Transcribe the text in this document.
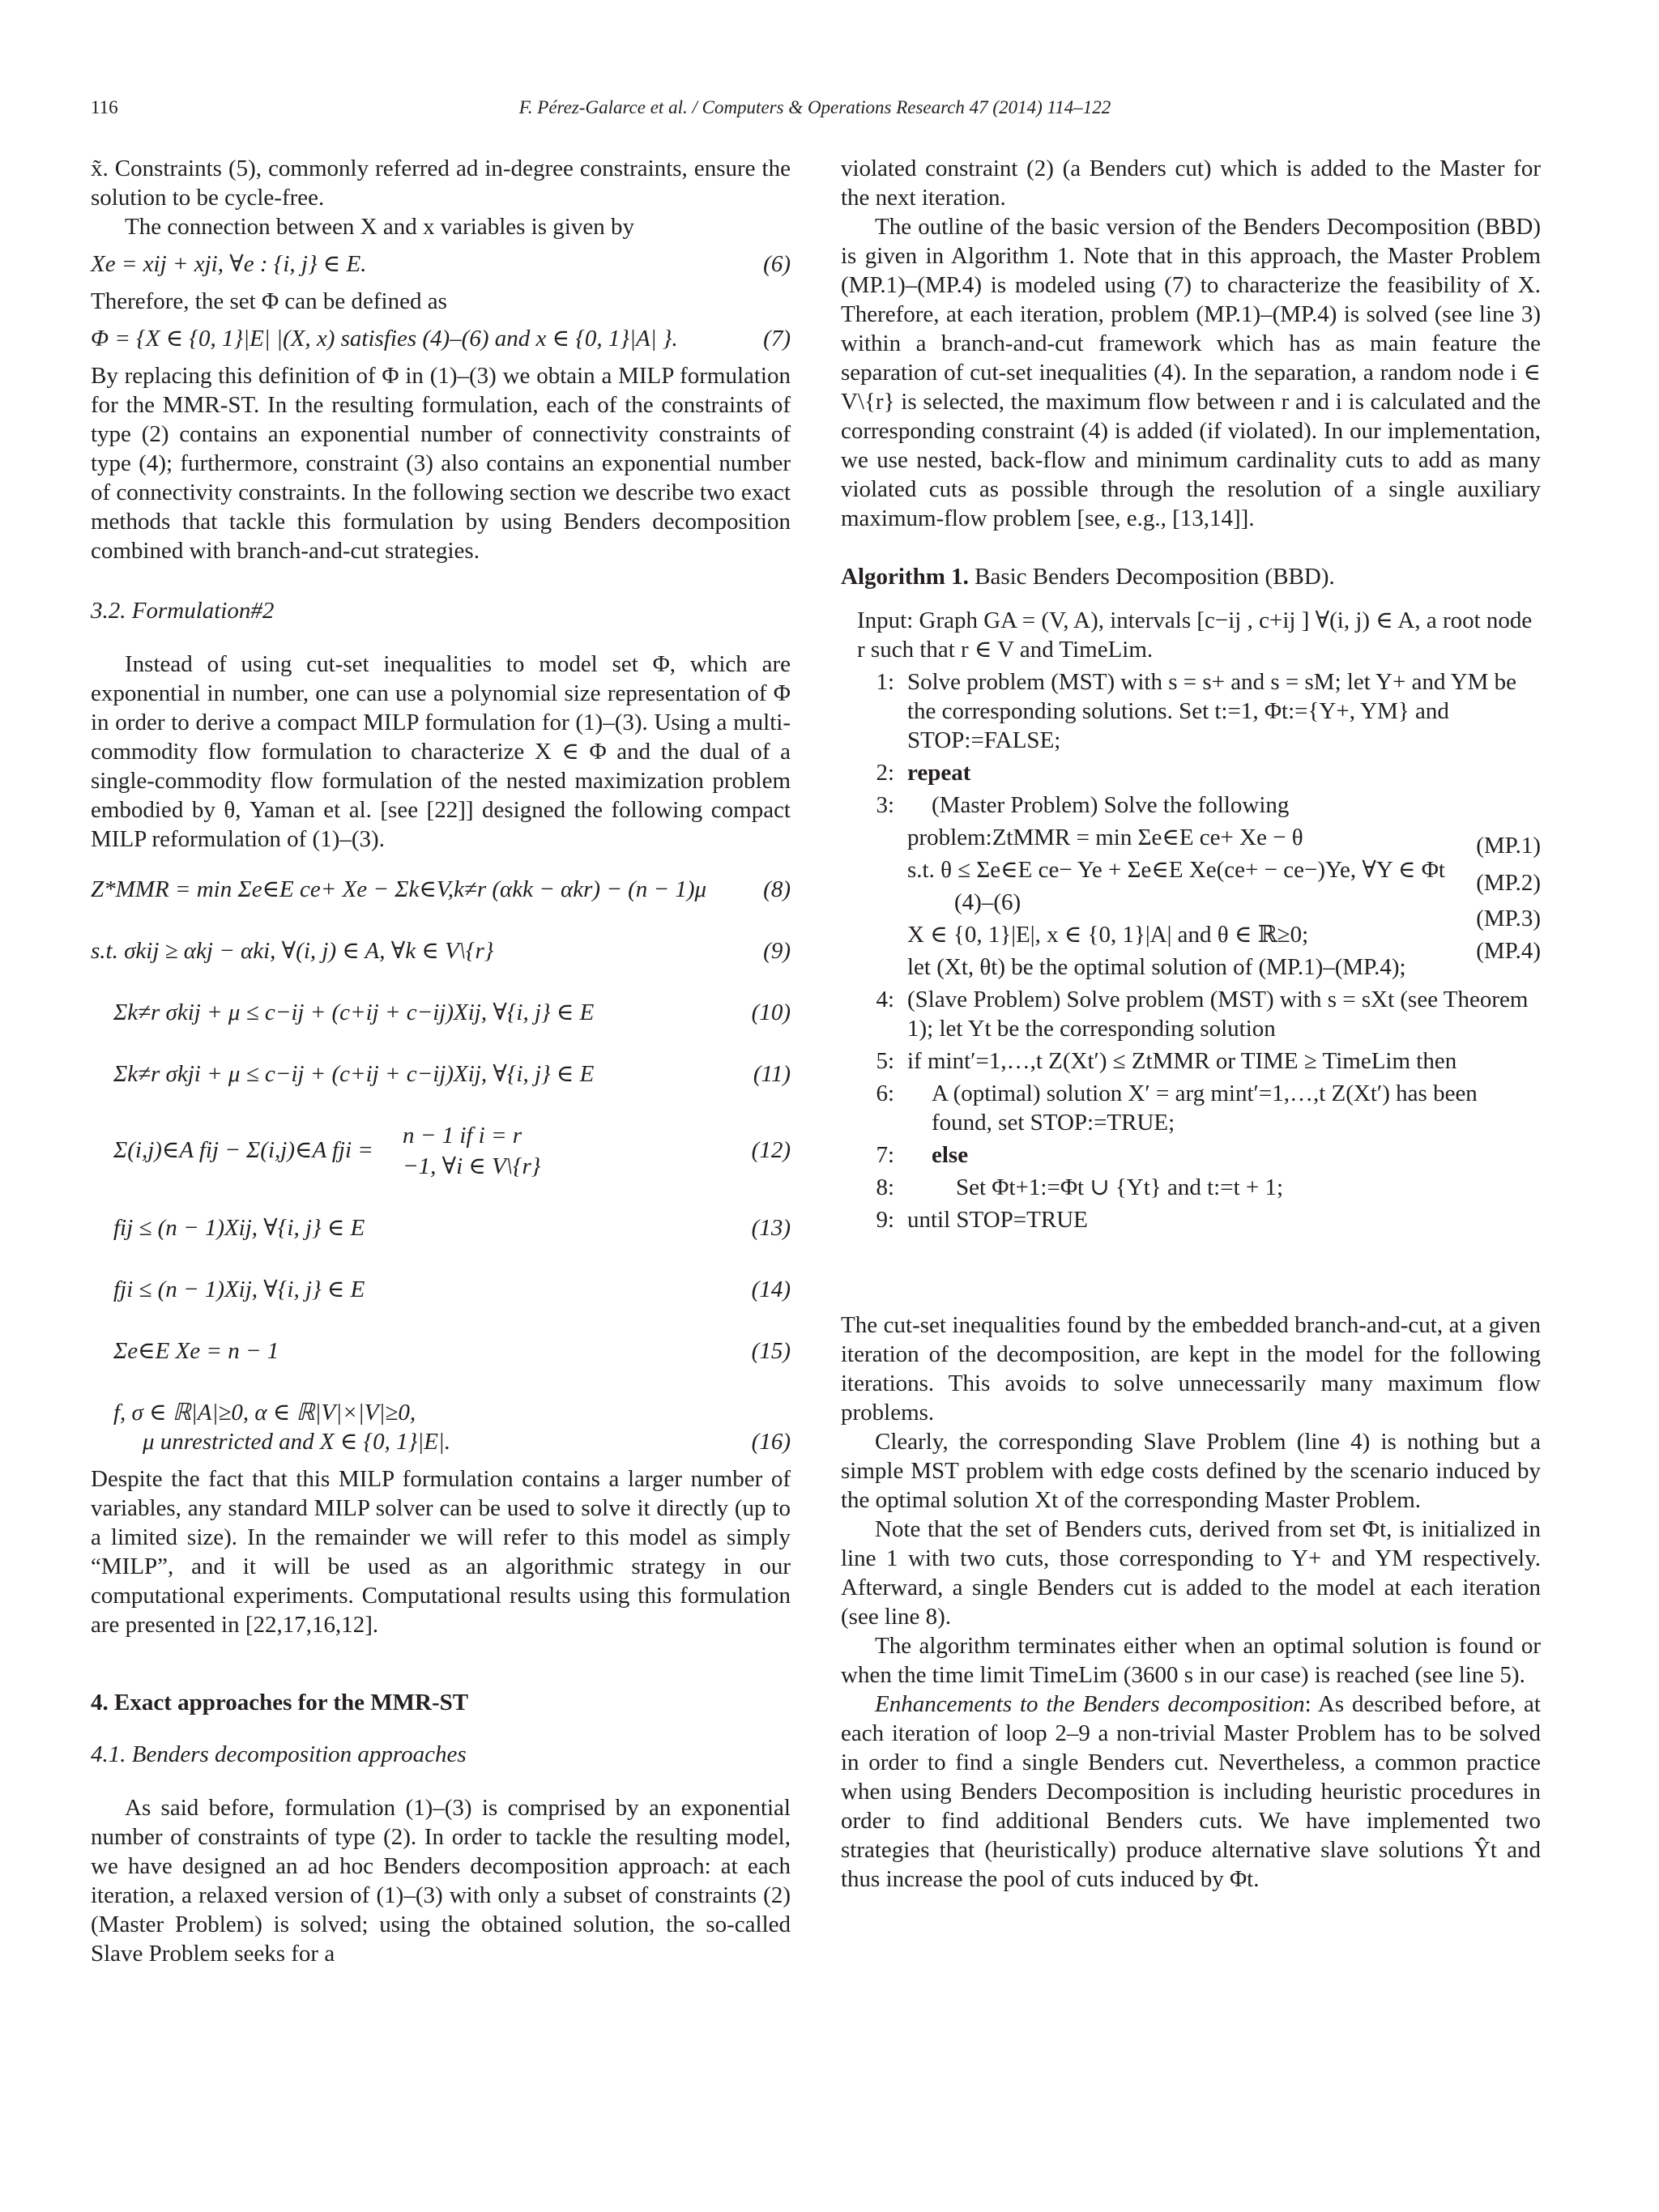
116	F. Pérez-Galarce et al. / Computers & Operations Research 47 (2014) 114–122

x̃. Constraints (5), commonly referred ad in-degree constraints, ensure the solution to be cycle-free.

The connection between X and x variables is given by

Xe = xij + xji, ∀e : {i, j} ∈ E.	(6)

Therefore, the set Φ can be defined as

Φ = {X ∈ {0, 1}|E| |(X, x) satisfies (4)–(6) and x ∈ {0, 1}|A| }.	(7)

By replacing this definition of Φ in (1)–(3) we obtain a MILP formulation for the MMR-ST. In the resulting formulation, each of the constraints of type (2) contains an exponential number of connectivity constraints of type (4); furthermore, constraint (3) also contains an exponential number of connectivity constraints. In the following section we describe two exact methods that tackle this formulation by using Benders decomposition combined with branch-and-cut strategies.

3.2. Formulation#2

Instead of using cut-set inequalities to model set Φ, which are exponential in number, one can use a polynomial size representation of Φ in order to derive a compact MILP formulation for (1)–(3). Using a multi-commodity flow formulation to characterize X ∈ Φ and the dual of a single-commodity flow formulation of the nested maximization problem embodied by θ, Yaman et al. [see [22]] designed the following compact MILP reformulation of (1)–(3).

Z*MMR = min Σe∈E ce+ Xe − Σk∈V,k≠r (αkk − αkr) − (n − 1)μ (8)
s.t. σkij ≥ αkj − αki, ∀(i, j) ∈ A, ∀k ∈ V\{r}	(9)
Σk≠r σkij + μ ≤ c−ij + (c+ij + c−ij)Xij, ∀{i, j} ∈ E	(10)
Σk≠r σkji + μ ≤ c−ij + (c+ij + c−ij)Xij, ∀{i, j} ∈ E	(11)
Σ(i,j)∈A fij − Σ(i,j)∈A fji =
n − 1 if i = r
−1, ∀i ∈ V\{r}
(12)
fij ≤ (n − 1)Xij, ∀{i, j} ∈ E	(13)
fji ≤ (n − 1)Xij, ∀{i, j} ∈ E	(14)
Σe∈E Xe = n − 1	(15)
f, σ ∈ ℝ|A|≥0, α ∈ ℝ|V|×|V|≥0,
μ unrestricted and X ∈ {0, 1}|E|.	(16)

Despite the fact that this MILP formulation contains a larger number of variables, any standard MILP solver can be used to solve it directly (up to a limited size). In the remainder we will refer to this model as simply “MILP”, and it will be used as an algorithmic strategy in our computational experiments. Computational results using this formulation are presented in [22,17,16,12].

4. Exact approaches for the MMR-ST
4.1. Benders decomposition approaches

As said before, formulation (1)–(3) is comprised by an exponential number of constraints of type (2). In order to tackle the resulting model, we have designed an ad hoc Benders decomposition approach: at each iteration, a relaxed version of (1)–(3) with only a subset of constraints (2) (Master Problem) is solved; using the obtained solution, the so-called Slave Problem seeks for a

violated constraint (2) (a Benders cut) which is added to the Master for the next iteration.

The outline of the basic version of the Benders Decomposition (BBD) is given in Algorithm 1. Note that in this approach, the Master Problem (MP.1)–(MP.4) is modeled using (7) to characterize the feasibility of X. Therefore, at each iteration, problem (MP.1)–(MP.4) is solved (see line 3) within a branch-and-cut framework which has as main feature the separation of cut-set inequalities (4). In the separation, a random node i ∈ V\{r} is selected, the maximum flow between r and i is calculated and the corresponding constraint (4) is added (if violated). In our implementation, we use nested, back-flow and minimum cardinality cuts to add as many violated cuts as possible through the resolution of a single auxiliary maximum-flow problem [see, e.g., [13,14]].

Algorithm 1. Basic Benders Decomposition (BBD).
Input: Graph GA = (V, A), intervals [c−ij , c+ij ] ∀(i, j) ∈ A, a root node r such that r ∈ V and TimeLim.
1: Solve problem (MST) with s = s+ and s = sM; let Y+ and YM be the corresponding solutions. Set t:=1, Φt:={Y+, YM} and STOP:=FALSE;
2: repeat
3: (Master Problem) Solve the following
problem:ZtMMR = min Σe∈E ce+ Xe − θ	(MP.1)
s.t. θ ≤ Σe∈E ce− Ye + Σe∈E Xe(ce+ − ce−)Ye, ∀Y ∈ Φt (MP.2)
(4)–(6)
(MP.3)
X ∈ {0, 1}|E|, x ∈ {0, 1}|A| and θ ∈ ℝ≥0;
(MP.4)
let (Xt, θt) be the optimal solution of (MP.1)–(MP.4);
4: (Slave Problem) Solve problem (MST) with s = sXt (see Theorem 1); let Yt be the corresponding solution
5: if mint′=1,…,t Z(Xt′) ≤ ZtMMR or TIME ≥ TimeLim then
6:	A (optimal) solution X′ = arg mint′=1,…,t Z(Xt′) has been found, set STOP:=TRUE;
7: else
8:	Set Φt+1:=Φt ∪ {Yt} and t:=t + 1;
9: until STOP=TRUE

The cut-set inequalities found by the embedded branch-and-cut, at a given iteration of the decomposition, are kept in the model for the following iterations. This avoids to solve unnecessarily many maximum flow problems.

Clearly, the corresponding Slave Problem (line 4) is nothing but a simple MST problem with edge costs defined by the scenario induced by the optimal solution Xt of the corresponding Master Problem.

Note that the set of Benders cuts, derived from set Φt, is initialized in line 1 with two cuts, those corresponding to Y+ and YM respectively. Afterward, a single Benders cut is added to the model at each iteration (see line 8).

The algorithm terminates either when an optimal solution is found or when the time limit TimeLim (3600 s in our case) is reached (see line 5).

Enhancements to the Benders decomposition: As described before, at each iteration of loop 2–9 a non-trivial Master Problem has to be solved in order to find a single Benders cut. Nevertheless, a common practice when using Benders Decomposition is including heuristic procedures in order to find additional Benders cuts. We have implemented two strategies that (heuristically) produce alternative slave solutions Ŷt and thus increase the pool of cuts induced by Φt.
